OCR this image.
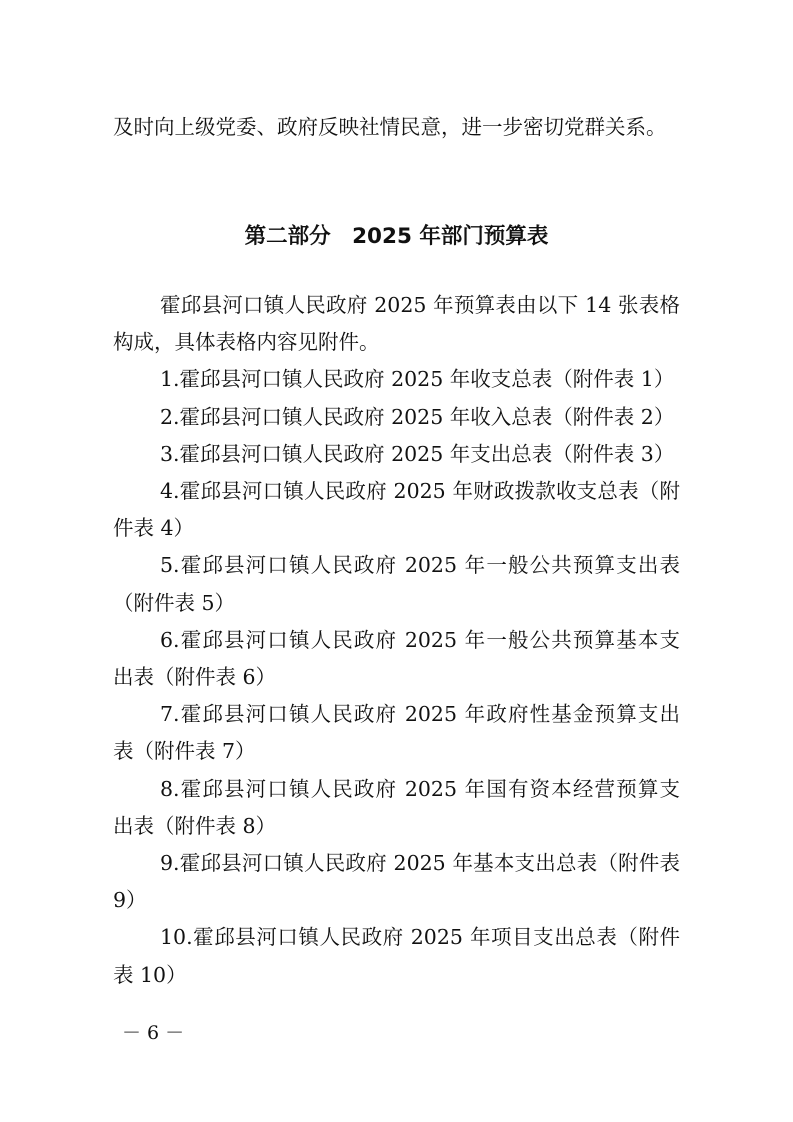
及时向上级党委、政府反映社情民意，进一步密切党群关系。
第二部分　2025 年部门预算表
霍邱县河口镇人民政府 2025 年预算表由以下 14 张表格
构成，具体表格内容见附件。
1.霍邱县河口镇人民政府 2025 年收支总表（附件表 1）
2.霍邱县河口镇人民政府 2025 年收入总表（附件表 2）
3.霍邱县河口镇人民政府 2025 年支出总表（附件表 3）
4.霍邱县河口镇人民政府 2025 年财政拨款收支总表（附
件表 4）
5.霍邱县河口镇人民政府 2025 年一般公共预算支出表
（附件表 5）
6.霍邱县河口镇人民政府 2025 年一般公共预算基本支
出表（附件表 6）
7.霍邱县河口镇人民政府 2025 年政府性基金预算支出
表（附件表 7）
8.霍邱县河口镇人民政府 2025 年国有资本经营预算支
出表（附件表 8）
9.霍邱县河口镇人民政府 2025 年基本支出总表（附件表
9）
10.霍邱县河口镇人民政府 2025 年项目支出总表（附件
表 10）
－ 6 －
